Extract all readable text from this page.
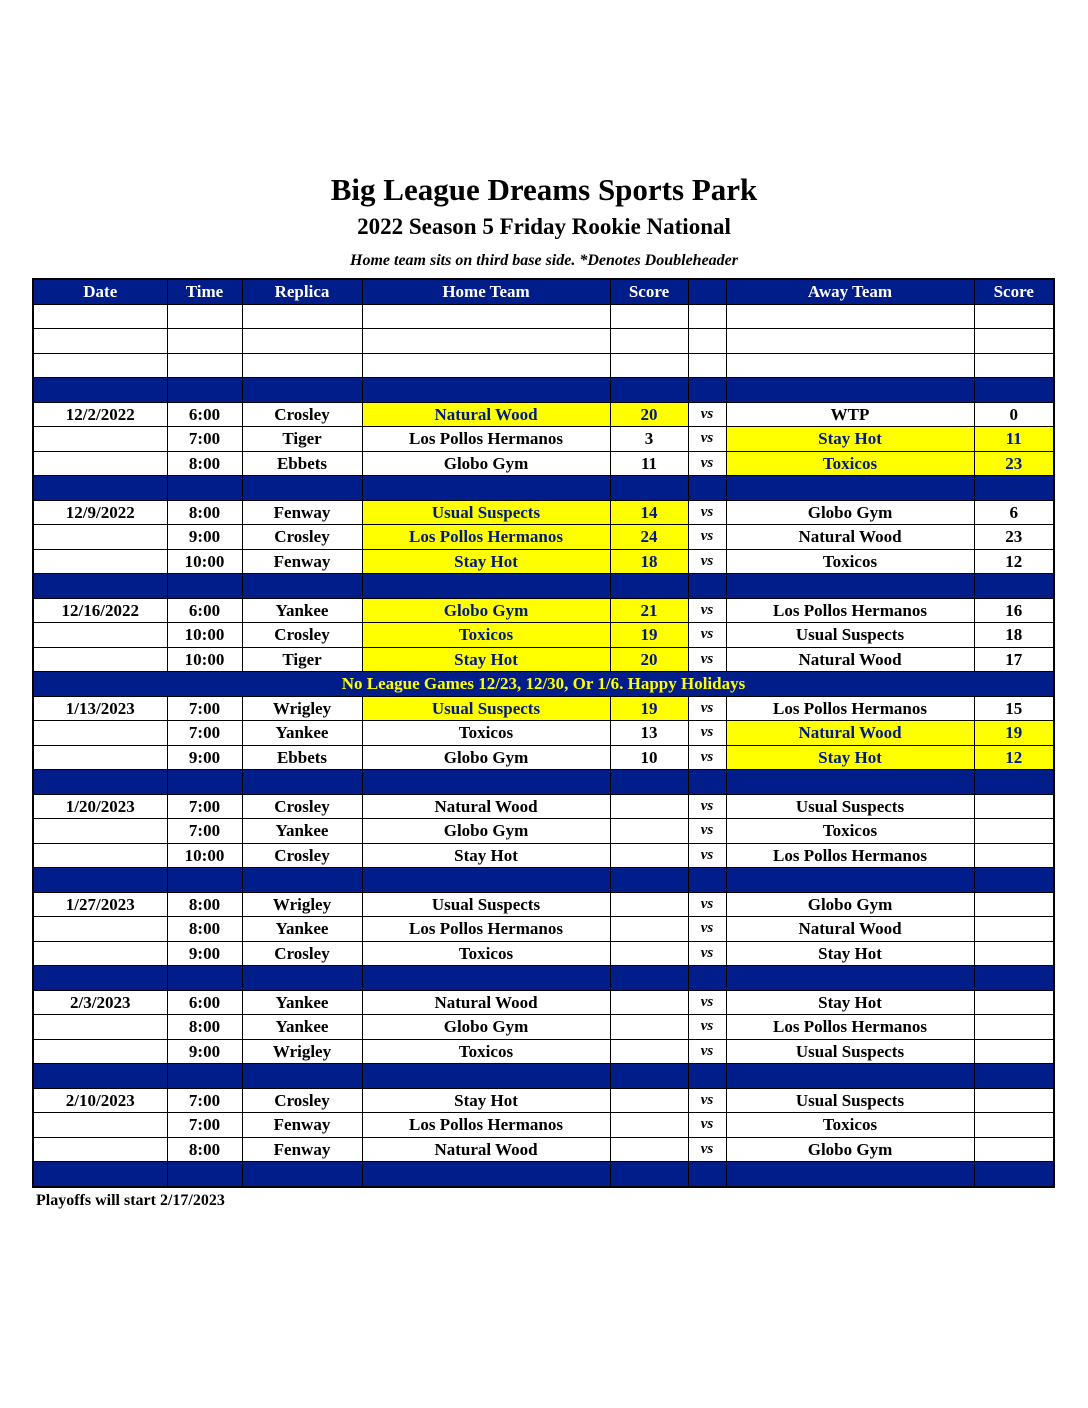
Big League Dreams Sports Park
2022 Season 5 Friday Rookie National
Home team sits on third base side. *Denotes Doubleheader
Date	Time	Replica	Home Team	Score		Away Team	Score

12/2/2022	6:00	Crosley	Natural Wood	20	vs	WTP	0
	7:00	Tiger	Los Pollos Hermanos	3	vs	Stay Hot	11
	8:00	Ebbets	Globo Gym	11	vs	Toxicos	23

12/9/2022	8:00	Fenway	Usual Suspects	14	vs	Globo Gym	6
	9:00	Crosley	Los Pollos Hermanos	24	vs	Natural Wood	23
	10:00	Fenway	Stay Hot	18	vs	Toxicos	12

12/16/2022	6:00	Yankee	Globo Gym	21	vs	Los Pollos Hermanos	16
	10:00	Crosley	Toxicos	19	vs	Usual Suspects	18
	10:00	Tiger	Stay Hot	20	vs	Natural Wood	17
No League Games 12/23, 12/30, Or 1/6. Happy Holidays							
1/13/2023	7:00	Wrigley	Usual Suspects	19	vs	Los Pollos Hermanos	15
	7:00	Yankee	Toxicos	13	vs	Natural Wood	19
	9:00	Ebbets	Globo Gym	10	vs	Stay Hot	12

1/20/2023	7:00	Crosley	Natural Wood		vs	Usual Suspects	
	7:00	Yankee	Globo Gym		vs	Toxicos	
	10:00	Crosley	Stay Hot		vs	Los Pollos Hermanos	

1/27/2023	8:00	Wrigley	Usual Suspects		vs	Globo Gym	
	8:00	Yankee	Los Pollos Hermanos		vs	Natural Wood	
	9:00	Crosley	Toxicos		vs	Stay Hot	

2/3/2023	6:00	Yankee	Natural Wood		vs	Stay Hot	
	8:00	Yankee	Globo Gym		vs	Los Pollos Hermanos	
	9:00	Wrigley	Toxicos		vs	Usual Suspects	

2/10/2023	7:00	Crosley	Stay Hot		vs	Usual Suspects	
	7:00	Fenway	Los Pollos Hermanos		vs	Toxicos	
	8:00	Fenway	Natural Wood		vs	Globo Gym	

Playoffs will start 2/17/2023
